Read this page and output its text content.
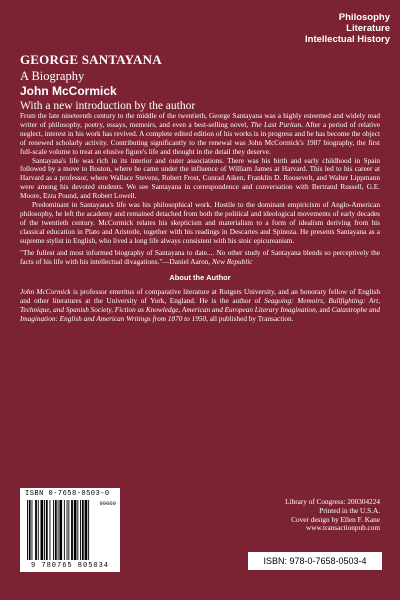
Philosophy
Literature
Intellectual History
GEORGE SANTAYANA
A Biography
John McCormick
With a new introduction by the author

From the late nineteenth century to the middle of the twentieth, George Santayana was a highly esteemed and widely read writer of philosophy, poetry, essays, memoirs, and even a best-selling novel, The Last Puritan. After a period of relative neglect, interest in his work has revived. A complete edited edition of his works is in progress and he has become the object of renewed scholarly activity. Contributing significantly to the renewal was John McCormick's 1987 biography, the first full-scale volume to treat an elusive figure's life and thought in the detail they deserve.

Santayana's life was rich in its interior and outer associations. There was his birth and early childhood in Spain followed by a move to Boston, where he came under the influence of William James at Harvard. This led to his career at Harvard as a professor, where Wallace Stevens, Robert Frost, Conrad Aiken, Franklin D. Roosevelt, and Walter Lippmann were among his devoted students. We see Santayana in correspondence and conversation with Bertrand Russell, G.E. Moore, Ezra Pound, and Robert Lowell.

Predominant in Santayana's life was his philosophical work. Hostile to the dominant empiricism of Anglo-American philosophy, he left the academy and remained detached from both the political and ideological movements of early decades of the twentieth century. McCormick relates his skepticism and materialism to a form of idealism deriving from his classical education in Plato and Aristotle, together with his readings in Descartes and Spinoza. He presents Santayana as a supreme stylist in English, who lived a long life always consistent with his stoic epicureanism.

"The fullest and most informed biography of Santayana to date.... No other study of Santayana blends so perceptively the facts of his life with his intellectual divagations."—Daniel Aaron, New Republic

About the Author

John McCormick is professor emeritus of comparative literature at Rutgers University, and an honorary fellow of English and other literatures at the University of York, England. He is the author of Seagoing: Memoirs, Bullfighting: Art, Technique, and Spanish Society, Fiction as Knowledge, American and European Literary Imagination, and Catastrophe and Imagination: English and American Writings from 1870 to 1950, all published by Transaction.

ISBN 0-7658-0503-0
90000
9 780765 805034
Library of Congress: 200304224
Printed in the U.S.A.
Cover design by Ellen F. Kane
www.transactionpub.com
ISBN: 978-0-7658-0503-4
